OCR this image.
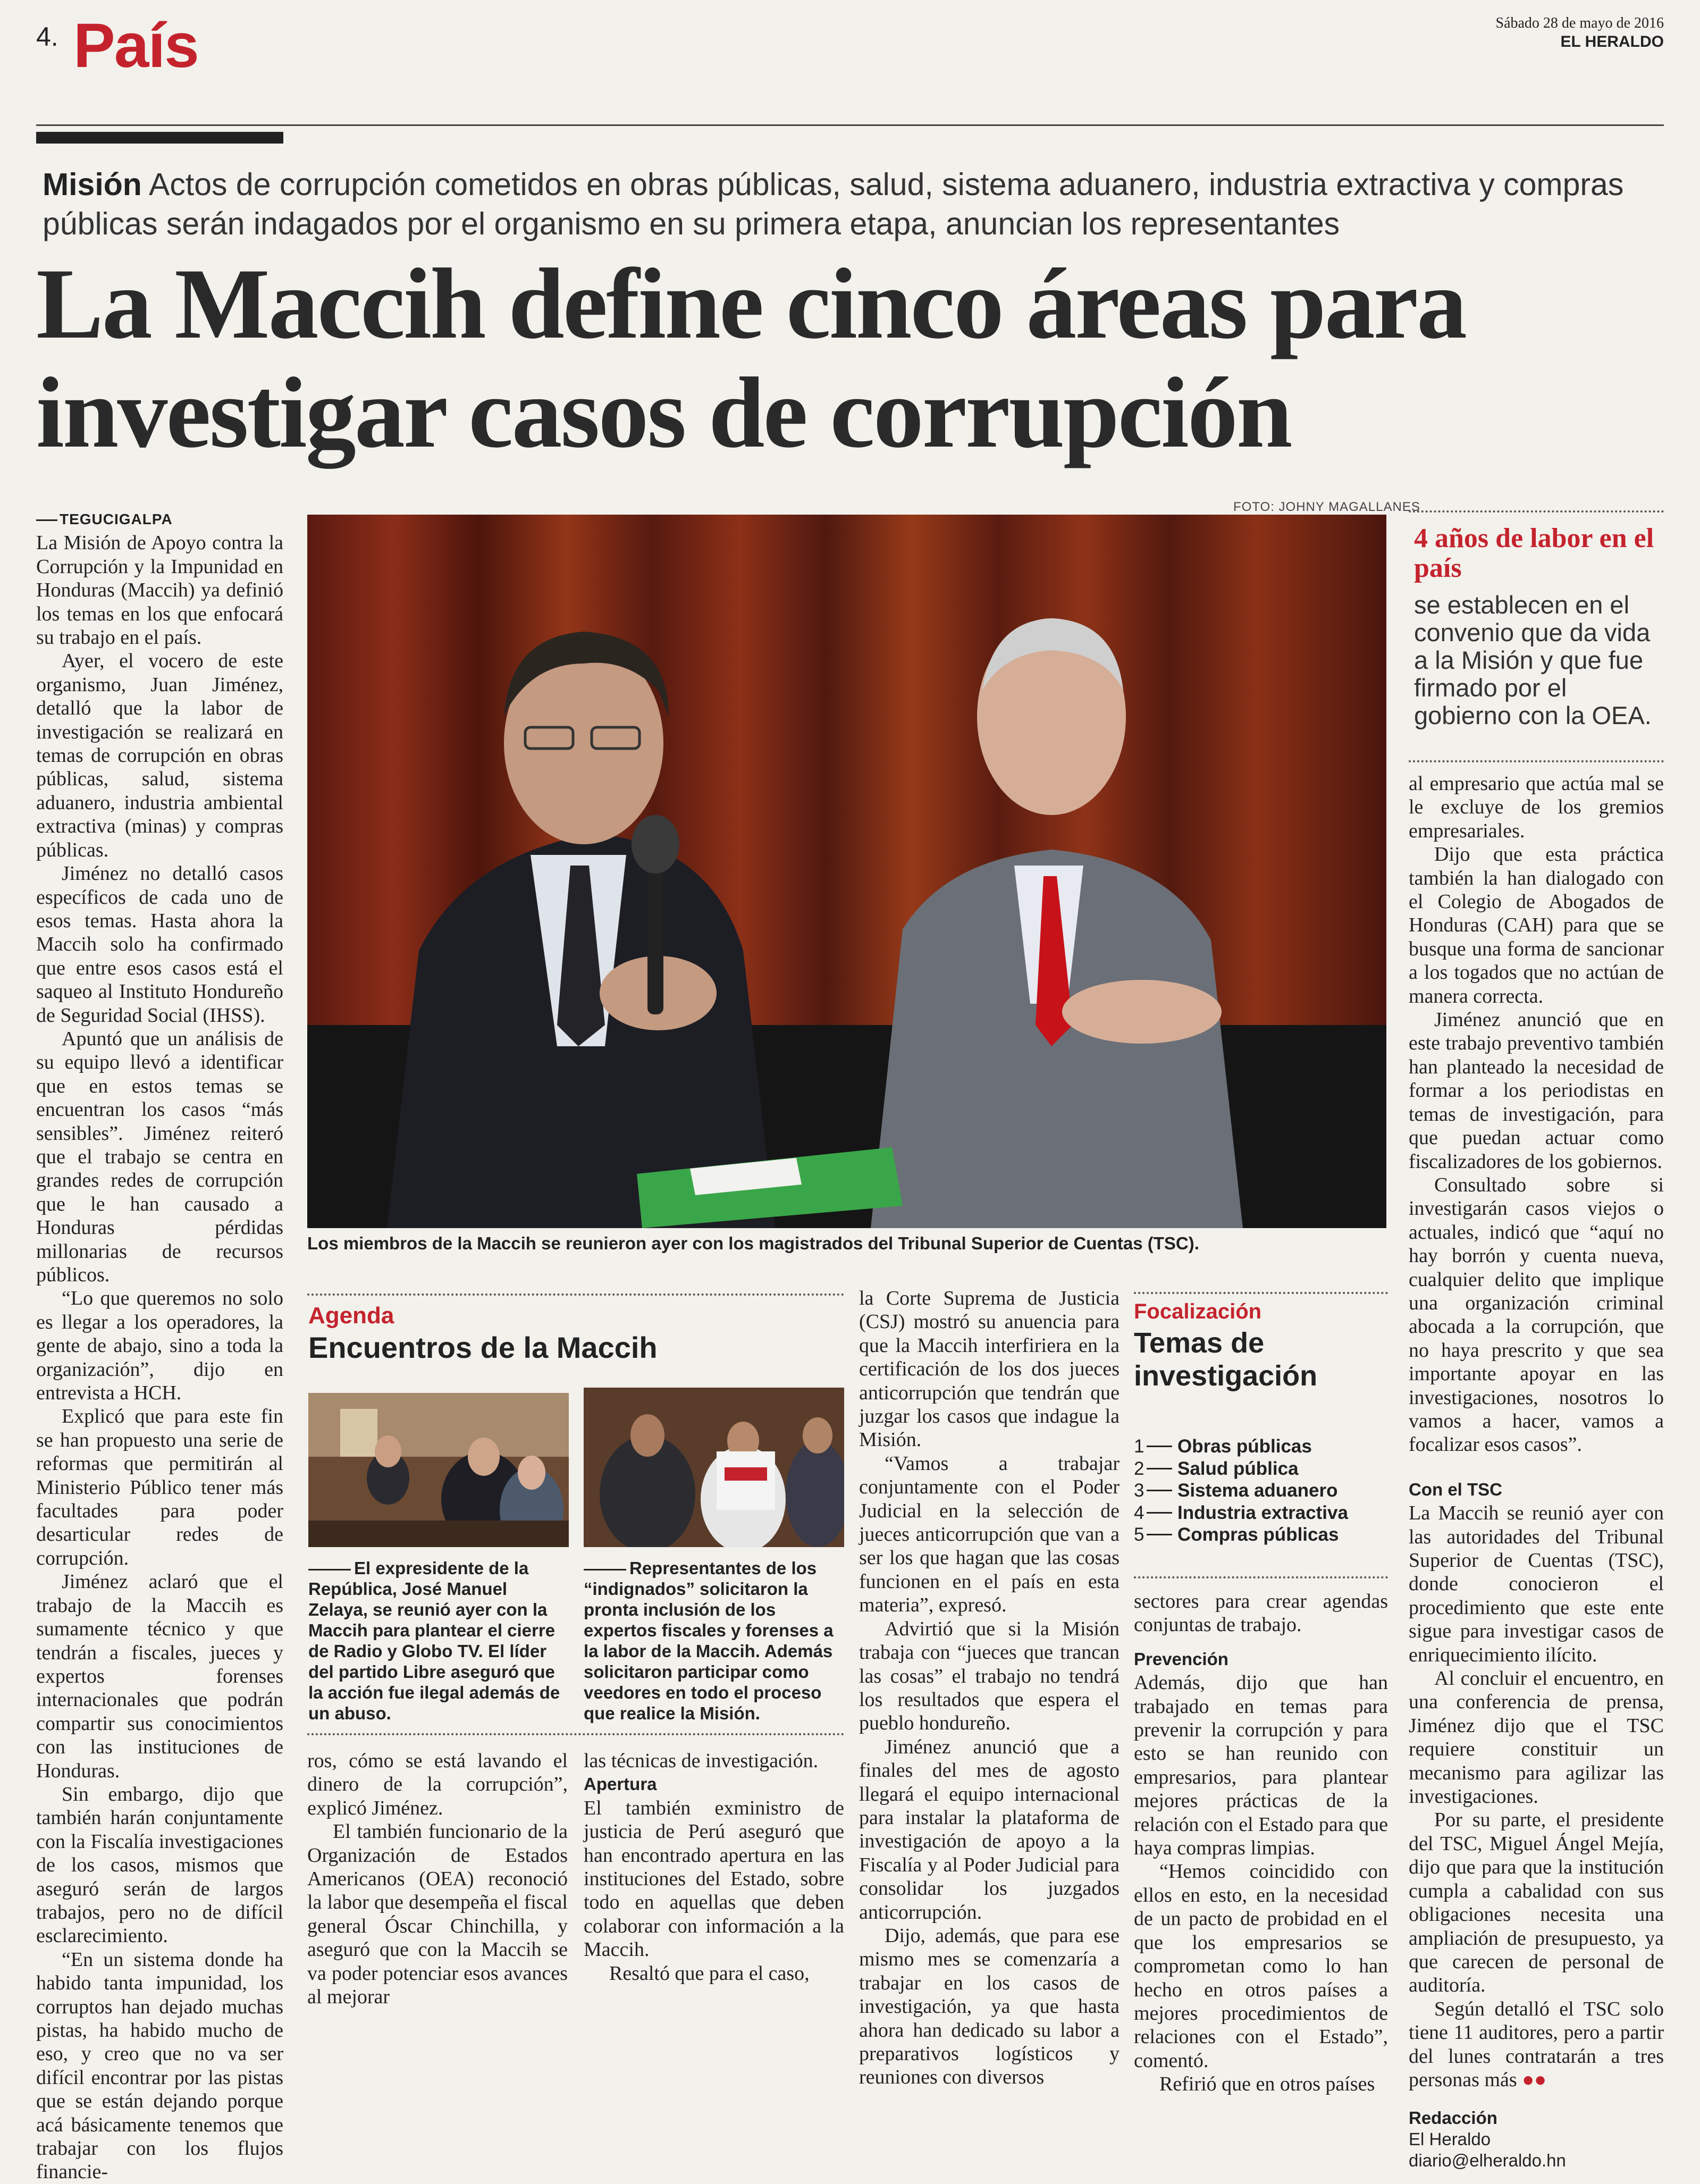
4. País	Sábado 28 de mayo de 2016
EL HERALDO
Misión Actos de corrupción cometidos en obras públicas, salud, sistema aduanero, industria extractiva y compras públicas serán indagados por el organismo en su primera etapa, anuncian los representantes
La Maccih define cinco áreas para investigar casos de corrupción
TEGUCIGALPA

La Misión de Apoyo contra la Corrupción y la Impunidad en Honduras (Maccih) ya definió los temas en los que enfocará su trabajo en el país.

Ayer, el vocero de este organismo, Juan Jiménez, detalló que la labor de investigación se realizará en temas de corrupción en obras públicas, salud, sistema aduanero, industria ambiental extractiva (minas) y compras públicas.

Jiménez no detalló casos específicos de cada uno de esos temas. Hasta ahora la Maccih solo ha confirmado que entre esos casos está el saqueo al Instituto Hondureño de Seguridad Social (IHSS).

Apuntó que un análisis de su equipo llevó a identificar que en estos temas se encuentran los casos “más sensibles”. Jiménez reiteró que el trabajo se centra en grandes redes de corrupción que le han causado a Honduras pérdidas millonarias de recursos públicos.

“Lo que queremos no solo es llegar a los operadores, la gente de abajo, sino a toda la organización”, dijo en entrevista a HCH.

Explicó que para este fin se han propuesto una serie de reformas que permitirán al Ministerio Público tener más facultades para poder desarticular redes de corrupción.

Jiménez aclaró que el trabajo de la Maccih es sumamente técnico y que tendrán a fiscales, jueces y expertos forenses internacionales que podrán compartir sus conocimientos con las instituciones de Honduras.

Sin embargo, dijo que también harán conjuntamente con la Fiscalía investigaciones de los casos, mismos que aseguró serán de largos trabajos, pero no de difícil esclarecimiento.

“En un sistema donde ha habido tanta impunidad, los corruptos han dejado muchas pistas, ha habido mucho de eso, y creo que no va ser difícil encontrar por las pistas que se están dejando porque acá básicamente tenemos que trabajar con los flujos financie-

FOTO: JOHNY MAGALLANES
Los miembros de la Maccih se reunieron ayer con los magistrados del Tribunal Superior de Cuentas (TSC).
Agenda
Encuentros de la Maccih
El expresidente de la República, José Manuel Zelaya, se reunió ayer con la Maccih para plantear el cierre de Radio y Globo TV. El líder del partido Libre aseguró que la acción fue ilegal además de un abuso.
Representantes de los “indignados” solicitaron la pronta inclusión de los expertos fiscales y forenses a la labor de la Maccih. Además solicitaron participar como veedores en todo el proceso que realice la Misión.

ros, cómo se está lavando el dinero de la corrupción”, explicó Jiménez.

El también funcionario de la Organización de Estados Americanos (OEA) reconoció la labor que desempeña el fiscal general Óscar Chinchilla, y aseguró que con la Maccih se va poder potenciar esos avances al mejorar

las técnicas de investigación.

Apertura

El también exministro de justicia de Perú aseguró que han encontrado apertura en las instituciones del Estado, sobre todo en aquellas que deben colaborar con información a la Maccih.

Resaltó que para el caso,

la Corte Suprema de Justicia (CSJ) mostró su anuencia para que la Maccih interfiriera en la certificación de los dos jueces anticorrupción que tendrán que juzgar los casos que indague la Misión.

“Vamos a trabajar conjuntamente con el Poder Judicial en la selección de jueces anticorrupción que van a ser los que hagan que las cosas funcionen en el país en esta materia”, expresó.

Advirtió que si la Misión trabaja con “jueces que trancan las cosas” el trabajo no tendrá los resultados que espera el pueblo hondureño.

Jiménez anunció que a finales del mes de agosto llegará el equipo internacional para instalar la plataforma de investigación de apoyo a la Fiscalía y al Poder Judicial para consolidar los juzgados anticorrupción.

Dijo, además, que para ese mismo mes se comenzaría a trabajar en los casos de investigación, ya que hasta ahora han dedicado su labor a preparativos logísticos y reuniones con diversos

Focalización
Temas de investigación
1 Obras públicas
2 Salud pública
3 Sistema aduanero
4 Industria extractiva
5 Compras públicas

sectores para crear agendas conjuntas de trabajo.

Prevención

Además, dijo que han trabajado en temas para prevenir la corrupción y para esto se han reunido con empresarios, para plantear mejores prácticas de la relación con el Estado para que haya compras limpias.

“Hemos coincidido con ellos en esto, en la necesidad de un pacto de probidad en el que los empresarios se comprometan como lo han hecho en otros países a mejores procedimientos de relaciones con el Estado”, comentó.

Refirió que en otros países

4 años de labor en el país
se establecen en el convenio que da vida a la Misión y que fue firmado por el gobierno con la OEA.

al empresario que actúa mal se le excluye de los gremios empresariales.

Dijo que esta práctica también la han dialogado con el Colegio de Abogados de Honduras (CAH) para que se busque una forma de sancionar a los togados que no actúan de manera correcta.

Jiménez anunció que en este trabajo preventivo también han planteado la necesidad de formar a los periodistas en temas de investigación, para que puedan actuar como fiscalizadores de los gobiernos.

Consultado sobre si investigarán casos viejos o actuales, indicó que “aquí no hay borrón y cuenta nueva, cualquier delito que implique una organización criminal abocada a la corrupción, que no haya prescrito y que sea importante apoyar en las investigaciones, nosotros lo vamos a hacer, vamos a focalizar esos casos”.

Con el TSC

La Maccih se reunió ayer con las autoridades del Tribunal Superior de Cuentas (TSC), donde conocieron el procedimiento que este ente sigue para investigar casos de enriquecimiento ilícito.

Al concluir el encuentro, en una conferencia de prensa, Jiménez dijo que el TSC requiere constituir un mecanismo para agilizar las investigaciones.

Por su parte, el presidente del TSC, Miguel Ángel Mejía, dijo que para que la institución cumpla a cabalidad con sus obligaciones necesita una ampliación de presupuesto, ya que carecen de personal de auditoría.

Según detalló el TSC solo tiene 11 auditores, pero a partir del lunes contratarán a tres personas más ●●

Redacción
El Heraldo
diario@elheraldo.hn
